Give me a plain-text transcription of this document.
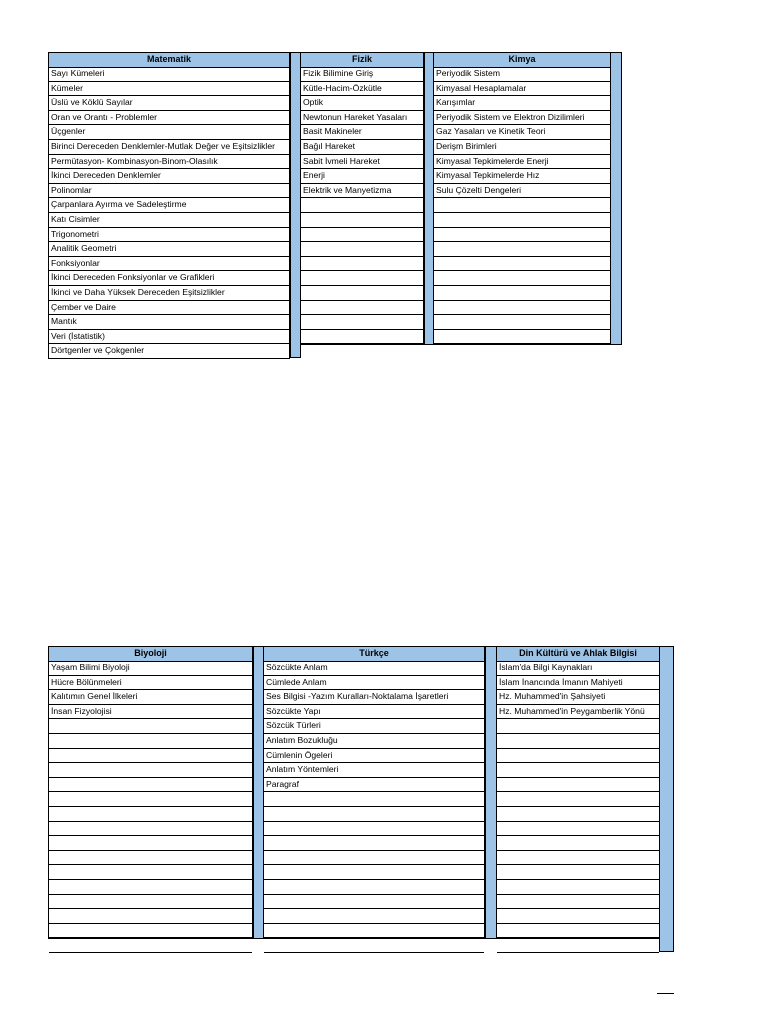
Matematik
Sayı Kümeleri
Kümeler
Üslü ve Köklü Sayılar
Oran ve Orantı - Problemler
Üçgenler
Birinci Dereceden Denklemler-Mutlak Değer ve Eşitsizlikler
Permütasyon- Kombinasyon-Binom-Olasılık
İkinci Dereceden Denklemler
Polinomlar
Çarpanlara Ayırma ve Sadeleştirme
Katı Cisimler
Trigonometri
Analitik Geometri
Fonksiyonlar
İkinci Dereceden Fonksiyonlar ve Grafikleri
İkinci ve Daha Yüksek Dereceden Eşitsizlikler
Çember ve Daire
Mantık
Veri (İstatistik)
Dörtgenler ve Çokgenler
Fizik
Fizik Bilimine Giriş
Kütle-Hacim-Özkütle
Optik
Newtonun Hareket Yasaları
Basit Makineler
Bağıl Hareket
Sabit İvmeli Hareket
Enerji
Elektrik ve Manyetizma
Kimya
Periyodik Sistem
Kimyasal Hesaplamalar
Karışımlar
Periyodik Sistem ve Elektron Dizilimleri
Gaz Yasaları ve Kinetik Teori
Derişm Birimleri
Kimyasal Tepkimelerde Enerji
Kimyasal Tepkimelerde Hız
Sulu Çözelti Dengeleri
Biyoloji
Yaşam Bilimi Biyoloji
Hücre Bölünmeleri
Kalıtımın Genel İlkeleri
İnsan Fizyolojisi
Türkçe
Sözcükte Anlam
Cümlede Anlam
Ses Bilgisi -Yazım Kuralları-Noktalama İşaretleri
Sözcükte Yapı
Sözcük Türleri
Anlatım Bozukluğu
Cümlenin Ögeleri
Anlatım Yöntemleri
Paragraf
Din Kültürü ve Ahlak Bilgisi
İslam'da Bilgi Kaynakları
İslam İnancında İmanın Mahiyeti
Hz. Muhammed'in Şahsiyeti
Hz. Muhammed'in Peygamberlik Yönü
